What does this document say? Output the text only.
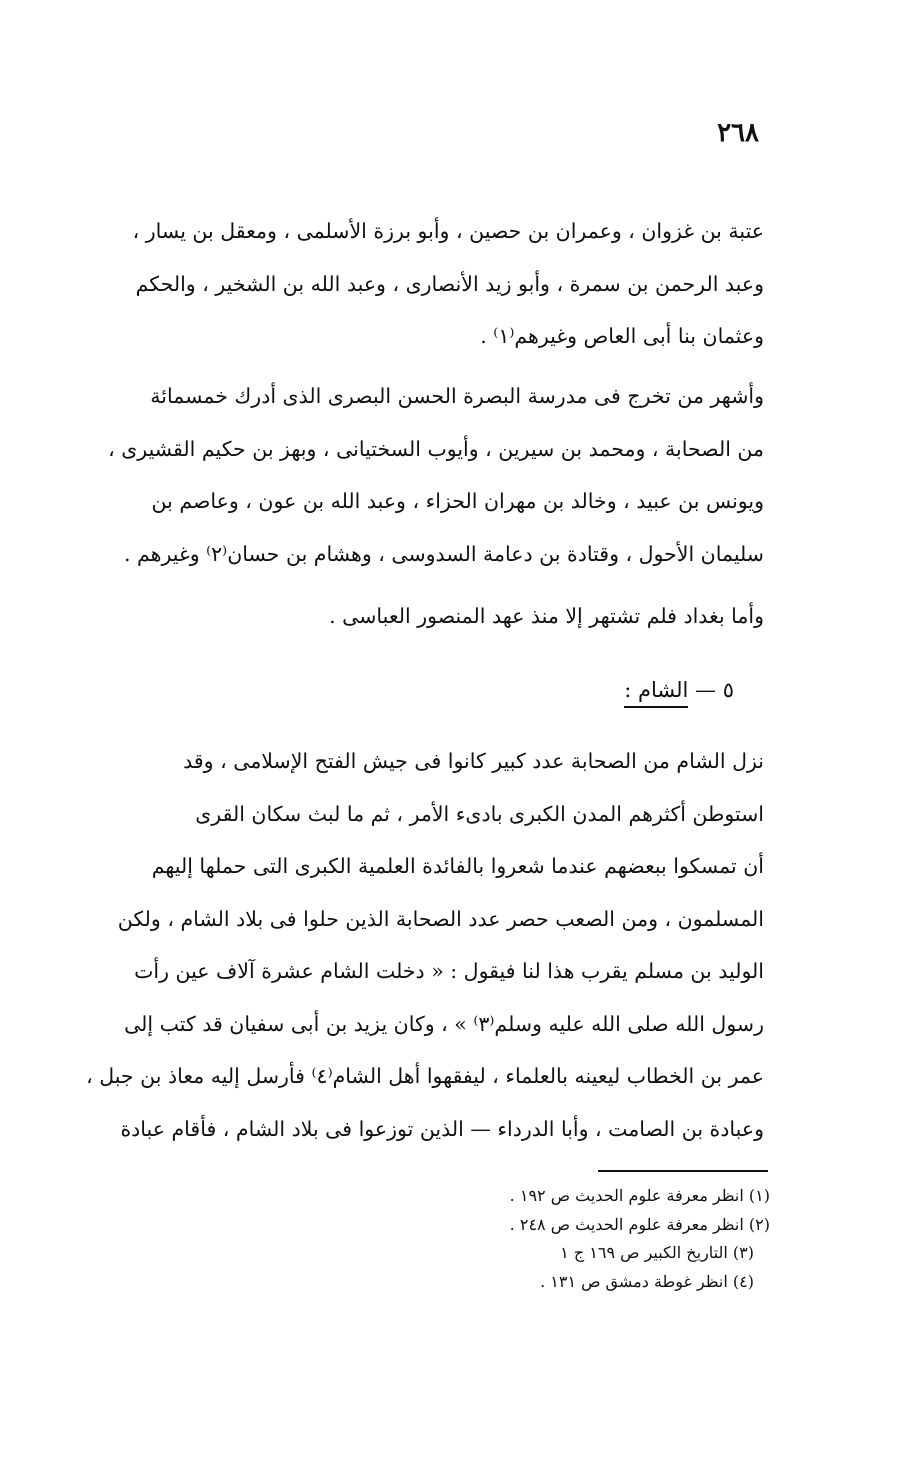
٢٦٨
عتبة بن غزوان ، وعمران بن حصين ، وأبو برزة الأسلمى ، ومعقل بن يسار ،
وعبد الرحمن بن سمرة ، وأبو زيد الأنصارى ، وعبد الله بن الشخير ، والحكم
وعثمان بنا أبى العاص وغيرهم⁽١⁾ .
وأشهر من تخرج فى مدرسة البصرة الحسن البصرى الذى أدرك خمسمائة
من الصحابة ، ومحمد بن سيرين ، وأيوب السختيانى ، وبهز بن حكيم القشيرى ،
ويونس بن عبيد ، وخالد بن مهران الحزاء ، وعبد الله بن عون ، وعاصم بن
سليمان الأحول ، وقتادة بن دعامة السدوسى ، وهشام بن حسان⁽٢⁾ وغيرهم .
وأما بغداد فلم تشتهر إلا منذ عهد المنصور العباسى .
٥ — الشام :
نزل الشام من الصحابة عدد كبير كانوا فى جيش الفتح الإسلامى ، وقد
استوطن أكثرهم المدن الكبرى بادىء الأمر ، ثم ما لبث سكان القرى
أن تمسكوا ببعضهم عندما شعروا بالفائدة العلمية الكبرى التى حملها إليهم
المسلمون ، ومن الصعب حصر عدد الصحابة الذين حلوا فى بلاد الشام ، ولكن
الوليد بن مسلم يقرب هذا لنا فيقول : « دخلت الشام عشرة آلاف عين رأت
رسول الله صلى الله عليه وسلم⁽٣⁾ » ، وكان يزيد بن أبى سفيان قد كتب إلى
عمر بن الخطاب ليعينه بالعلماء ، ليفقهوا أهل الشام⁽٤⁾ فأرسل إليه معاذ بن جبل ،
وعبادة بن الصامت ، وأبا الدرداء — الذين توزعوا فى بلاد الشام ، فأقام عبادة
(١) انظر معرفة علوم الحديث ص ١٩٢ .
(٢) انظر معرفة علوم الحديث ص ٢٤٨ .
(٣) التاريخ الكبير ص ١٦٩ ج ١
(٤) انظر غوطة دمشق ص ١٣١ .
